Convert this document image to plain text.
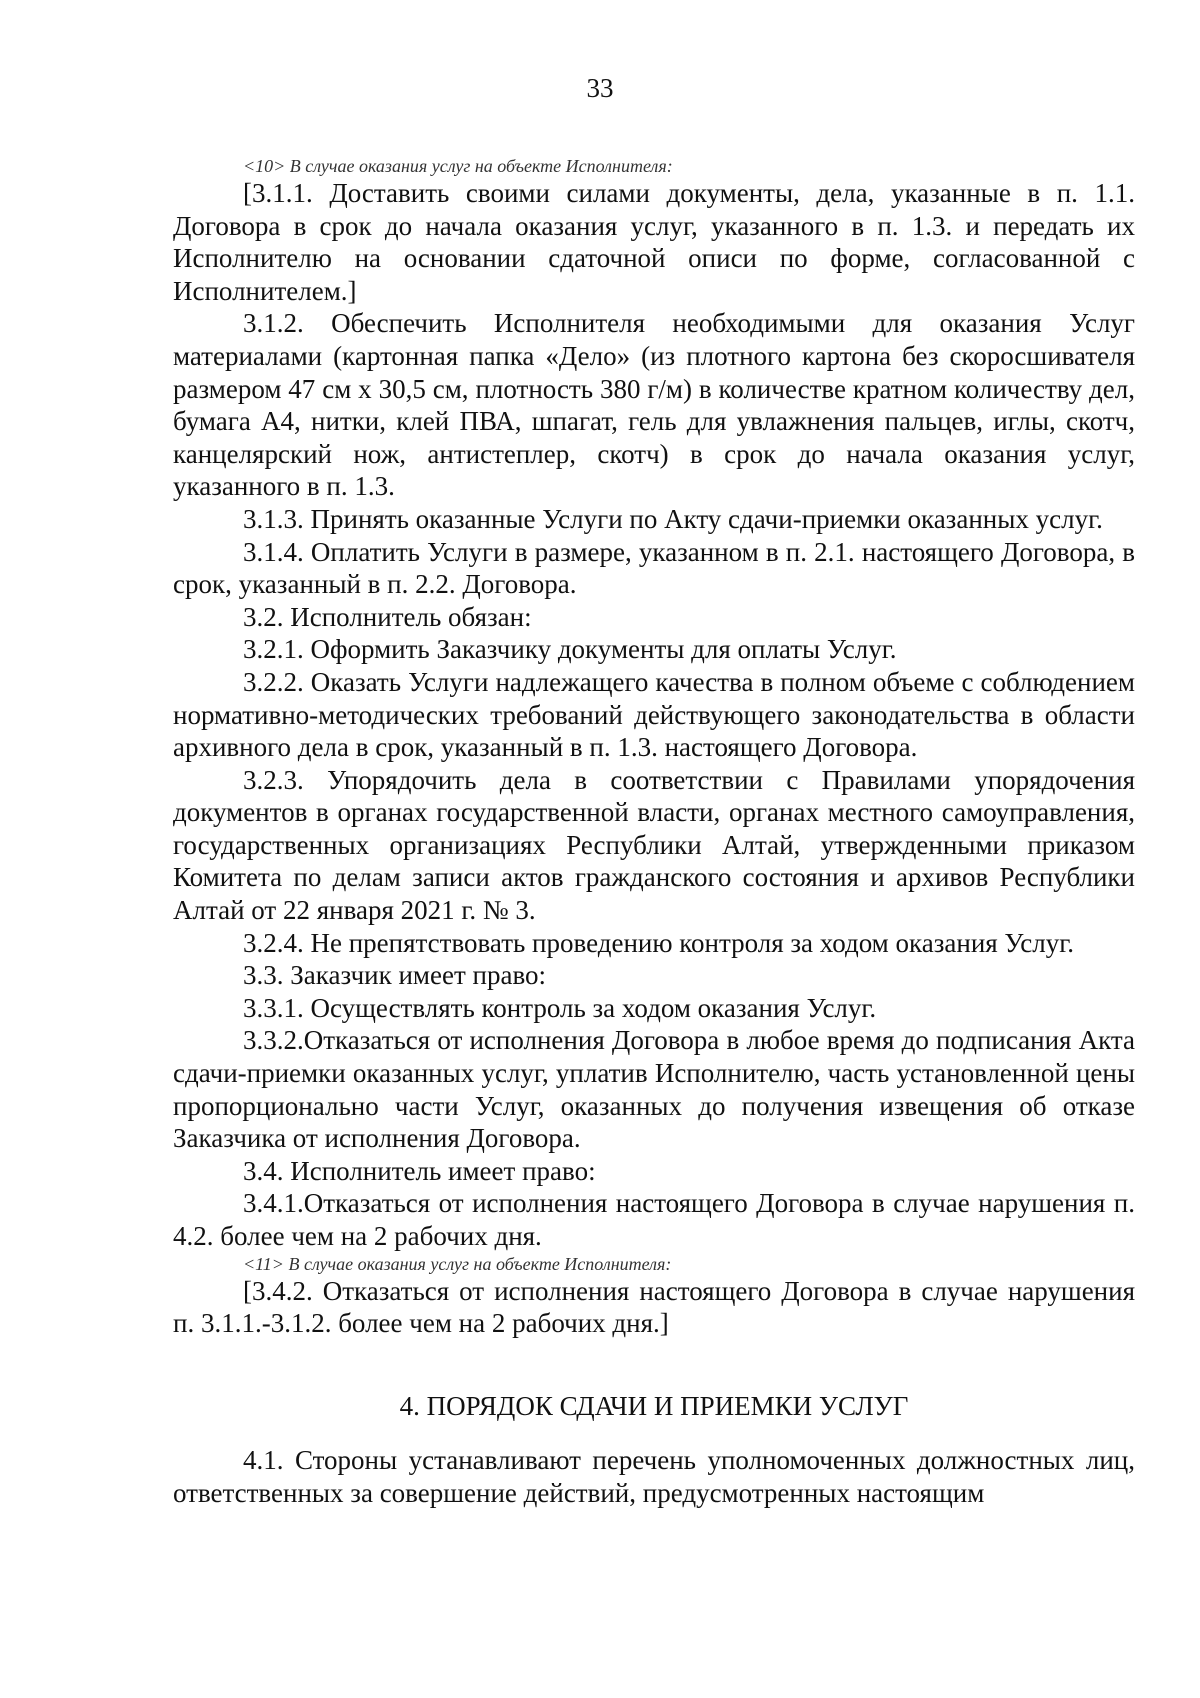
33

<10> В случае оказания услуг на объекте Исполнителя:

[3.1.1. Доставить своими силами документы, дела, указанные в п. 1.1. Договора в срок до начала оказания услуг, указанного в п. 1.3. и передать их Исполнителю на основании сдаточной описи по форме, согласованной с Исполнителем.]

3.1.2. Обеспечить Исполнителя необходимыми для оказания Услуг материалами (картонная папка «Дело» (из плотного картона без скоросшивателя размером 47 см х 30,5 см, плотность 380 г/м) в количестве кратном количеству дел, бумага А4, нитки, клей ПВА, шпагат, гель для увлажнения пальцев, иглы, скотч, канцелярский нож, антистеплер, скотч) в срок до начала оказания услуг, указанного в п. 1.3.

3.1.3. Принять оказанные Услуги по Акту сдачи-приемки оказанных услуг.

3.1.4. Оплатить Услуги в размере, указанном в п. 2.1. настоящего Договора, в срок, указанный в п. 2.2. Договора.

3.2. Исполнитель обязан:

3.2.1. Оформить Заказчику документы для оплаты Услуг.

3.2.2. Оказать Услуги надлежащего качества в полном объеме с соблюдением нормативно-методических требований действующего законодательства в области архивного дела в срок, указанный в п. 1.3. настоящего Договора.

3.2.3. Упорядочить дела в соответствии с Правилами упорядочения документов в органах государственной власти, органах местного самоуправления, государственных организациях Республики Алтай, утвержденными приказом Комитета по делам записи актов гражданского состояния и архивов Республики Алтай от 22 января 2021 г. № 3.

3.2.4. Не препятствовать проведению контроля за ходом оказания Услуг.

3.3. Заказчик имеет право:

3.3.1. Осуществлять контроль за ходом оказания Услуг.

3.3.2.Отказаться от исполнения Договора в любое время до подписания Акта сдачи-приемки оказанных услуг, уплатив Исполнителю, часть установленной цены пропорционально части Услуг, оказанных до получения извещения об отказе Заказчика от исполнения Договора.

3.4. Исполнитель имеет право:

3.4.1.Отказаться от исполнения настоящего Договора в случае нарушения п. 4.2. более чем на 2 рабочих дня.

<11> В случае оказания услуг на объекте Исполнителя:

[3.4.2. Отказаться от исполнения настоящего Договора в случае нарушения п. 3.1.1.-3.1.2. более чем на 2 рабочих дня.]

4. ПОРЯДОК СДАЧИ И ПРИЕМКИ УСЛУГ

4.1. Стороны устанавливают перечень уполномоченных должностных лиц, ответственных за совершение действий, предусмотренных настоящим
